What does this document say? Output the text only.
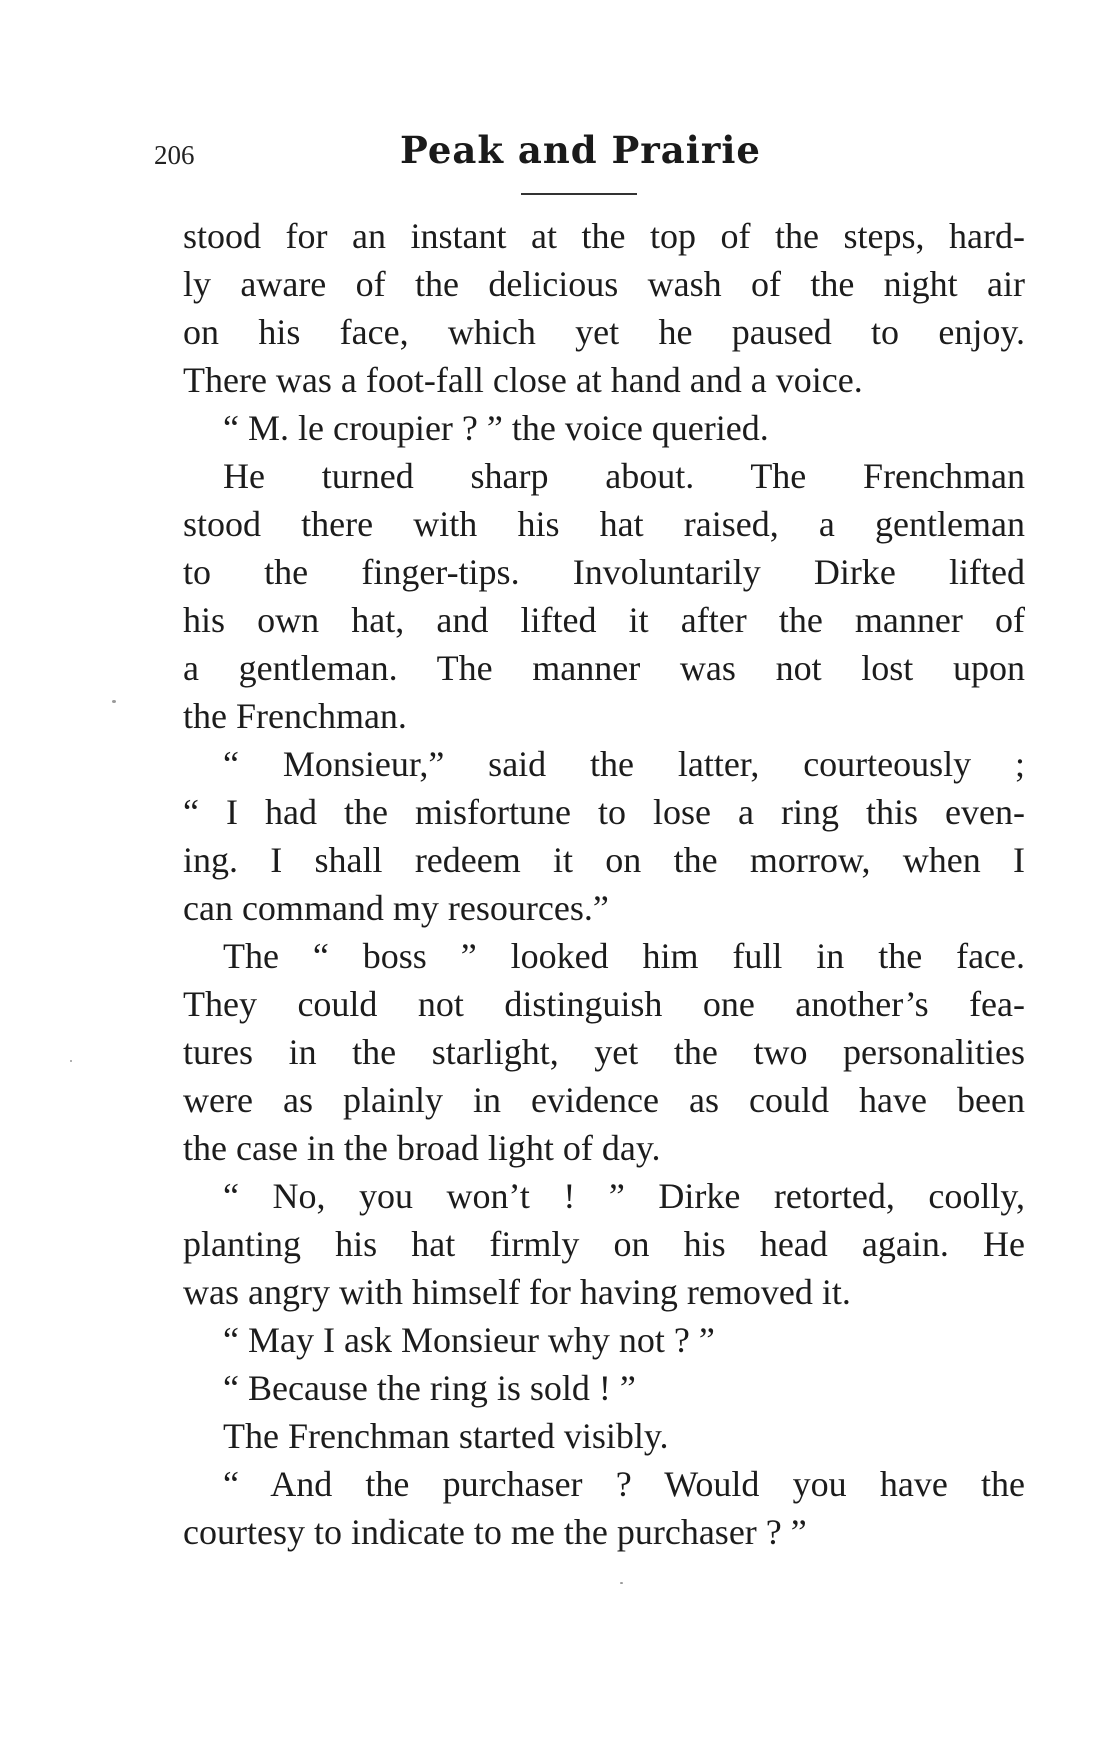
206	Peak and Prairie
stood for an instant at the top of the steps, hard-
ly aware of the delicious wash of the night air
on his face, which yet he paused to enjoy.
There was a foot-fall close at hand and a voice.
“ M. le croupier ? ” the voice queried.
He turned sharp about. The Frenchman
stood there with his hat raised, a gentleman
to the finger-tips. Involuntarily Dirke lifted
his own hat, and lifted it after the manner of
a gentleman. The manner was not lost upon
the Frenchman.
“ Monsieur,” said the latter, courteously ;
“ I had the misfortune to lose a ring this even-
ing. I shall redeem it on the morrow, when I
can command my resources.”
The “ boss ” looked him full in the face.
They could not distinguish one another’s fea-
tures in the starlight, yet the two personalities
were as plainly in evidence as could have been
the case in the broad light of day.
“ No, you won’t ! ” Dirke retorted, coolly,
planting his hat firmly on his head again. He
was angry with himself for having removed it.
“ May I ask Monsieur why not ? ”
“ Because the ring is sold ! ”
The Frenchman started visibly.
“ And the purchaser ? Would you have the
courtesy to indicate to me the purchaser ? ”
